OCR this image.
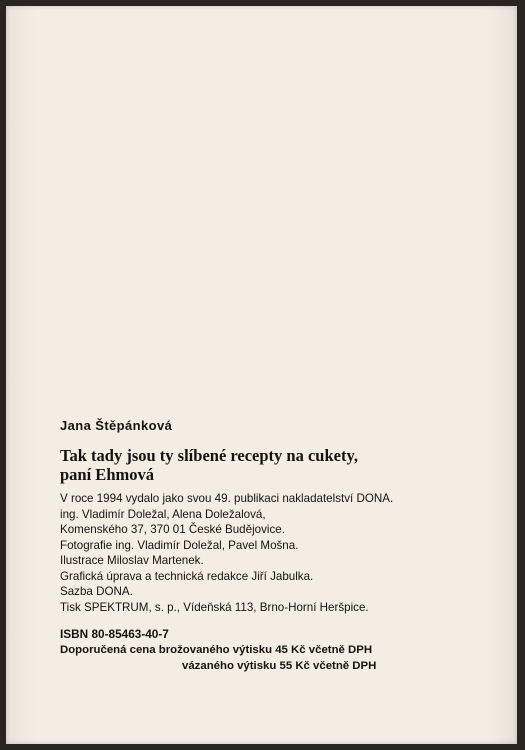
Jana Štěpánková
Tak tady jsou ty slíbené recepty na cukety,
paní Ehmová
V roce 1994 vydalo jako svou 49. publikaci nakladatelství DONA.
ing. Vladimír Doležal, Alena Doležalová,
Komenského 37, 370 01 České Budějovice.
Fotografie ing. Vladimír Doležal, Pavel Mošna.
Ilustrace Miloslav Martenek.
Grafická úprava a technická redakce Jiří Jabulka.
Sazba DONA.
Tisk SPEKTRUM, s. p., Vídeňská 113, Brno-Horní Heršpice.
ISBN 80-85463-40-7
Doporučená cena brožovaného výtisku 45 Kč včetně DPH
vázaného výtisku 55 Kč včetně DPH
